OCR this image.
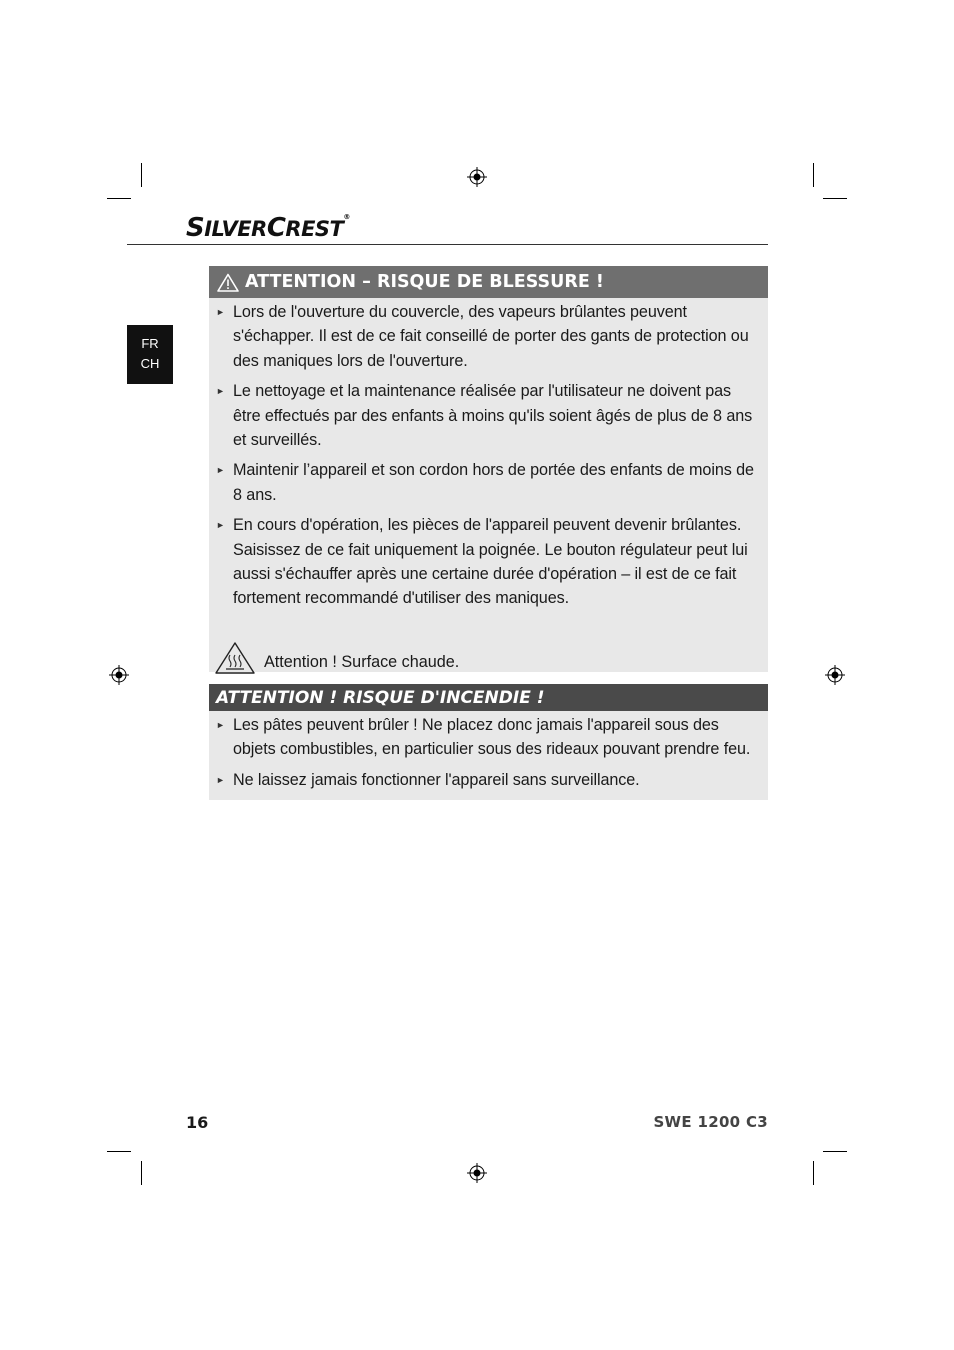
SILVERCREST®
FR
CH
ATTENTION – RISQUE DE BLESSURE !
► Lors de l'ouverture du couvercle, des vapeurs brûlantes peuvent s'échapper. Il est de ce fait conseillé de porter des gants de protection ou des maniques lors de l'ouverture.
► Le nettoyage et la maintenance réalisée par l'utilisateur ne doivent pas être effectués par des enfants à moins qu'ils soient âgés de plus de 8 ans et surveillés.
► Maintenir l’appareil et son cordon hors de portée des enfants de moins de 8 ans.
► En cours d'opération, les pièces de l'appareil peuvent devenir brûlantes. Saisissez de ce fait uniquement la poignée. Le bouton régulateur peut lui aussi s'échauffer après une certaine durée d'opération – il est de ce fait fortement recommandé d'utiliser des maniques.
Attention ! Surface chaude.
ATTENTION ! RISQUE D'INCENDIE !
► Les pâtes peuvent brûler ! Ne placez donc jamais l'appareil sous des objets combustibles, en particulier sous des rideaux pouvant prendre feu.
► Ne laissez jamais fonctionner l'appareil sans surveillance.
16	SWE 1200 C3
